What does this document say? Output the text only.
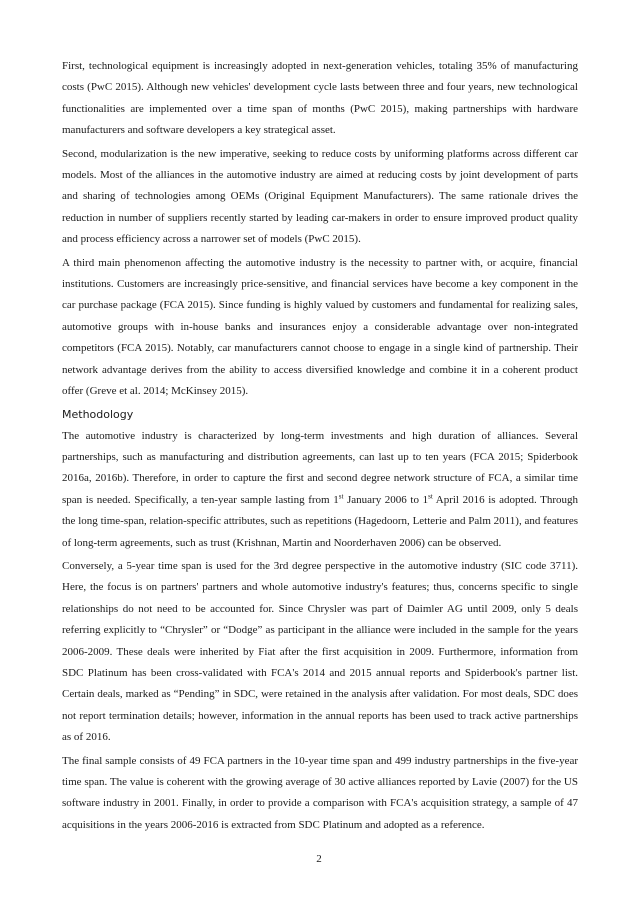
First, technological equipment is increasingly adopted in next-generation vehicles, totaling 35% of manufacturing costs (PwC 2015). Although new vehicles' development cycle lasts between three and four years, new technological functionalities are implemented over a time span of months (PwC 2015), making partnerships with hardware manufacturers and software developers a key strategical asset.

Second, modularization is the new imperative, seeking to reduce costs by uniforming platforms across different car models. Most of the alliances in the automotive industry are aimed at reducing costs by joint development of parts and sharing of technologies among OEMs (Original Equipment Manufacturers). The same rationale drives the reduction in number of suppliers recently started by leading car-makers in order to ensure improved product quality and process efficiency across a narrower set of models (PwC 2015).

A third main phenomenon affecting the automotive industry is the necessity to partner with, or acquire, financial institutions. Customers are increasingly price-sensitive, and financial services have become a key component in the car purchase package (FCA 2015). Since funding is highly valued by customers and fundamental for realizing sales, automotive groups with in-house banks and insurances enjoy a considerable advantage over non-integrated competitors (FCA 2015). Notably, car manufacturers cannot choose to engage in a single kind of partnership. Their network advantage derives from the ability to access diversified knowledge and combine it in a coherent product offer (Greve et al. 2014; McKinsey 2015).

Methodology

The automotive industry is characterized by long-term investments and high duration of alliances. Several partnerships, such as manufacturing and distribution agreements, can last up to ten years (FCA 2015; Spiderbook 2016a, 2016b). Therefore, in order to capture the first and second degree network structure of FCA, a similar time span is needed. Specifically, a ten-year sample lasting from 1st January 2006 to 1st April 2016 is adopted. Through the long time-span, relation-specific attributes, such as repetitions (Hagedoorn, Letterie and Palm 2011), and features of long-term agreements, such as trust (Krishnan, Martin and Noorderhaven 2006) can be observed.

Conversely, a 5-year time span is used for the 3rd degree perspective in the automotive industry (SIC code 3711). Here, the focus is on partners' partners and whole automotive industry's features; thus, concerns specific to single relationships do not need to be accounted for. Since Chrysler was part of Daimler AG until 2009, only 5 deals referring explicitly to “Chrysler” or “Dodge” as participant in the alliance were included in the sample for the years 2006-2009. These deals were inherited by Fiat after the first acquisition in 2009. Furthermore, information from SDC Platinum has been cross-validated with FCA's 2014 and 2015 annual reports and Spiderbook's partner list. Certain deals, marked as “Pending” in SDC, were retained in the analysis after validation. For most deals, SDC does not report termination details; however, information in the annual reports has been used to track active partnerships as of 2016.

The final sample consists of 49 FCA partners in the 10-year time span and 499 industry partnerships in the five-year time span. The value is coherent with the growing average of 30 active alliances reported by Lavie (2007) for the US software industry in 2001. Finally, in order to provide a comparison with FCA's acquisition strategy, a sample of 47 acquisitions in the years 2006-2016 is extracted from SDC Platinum and adopted as a reference.

2
